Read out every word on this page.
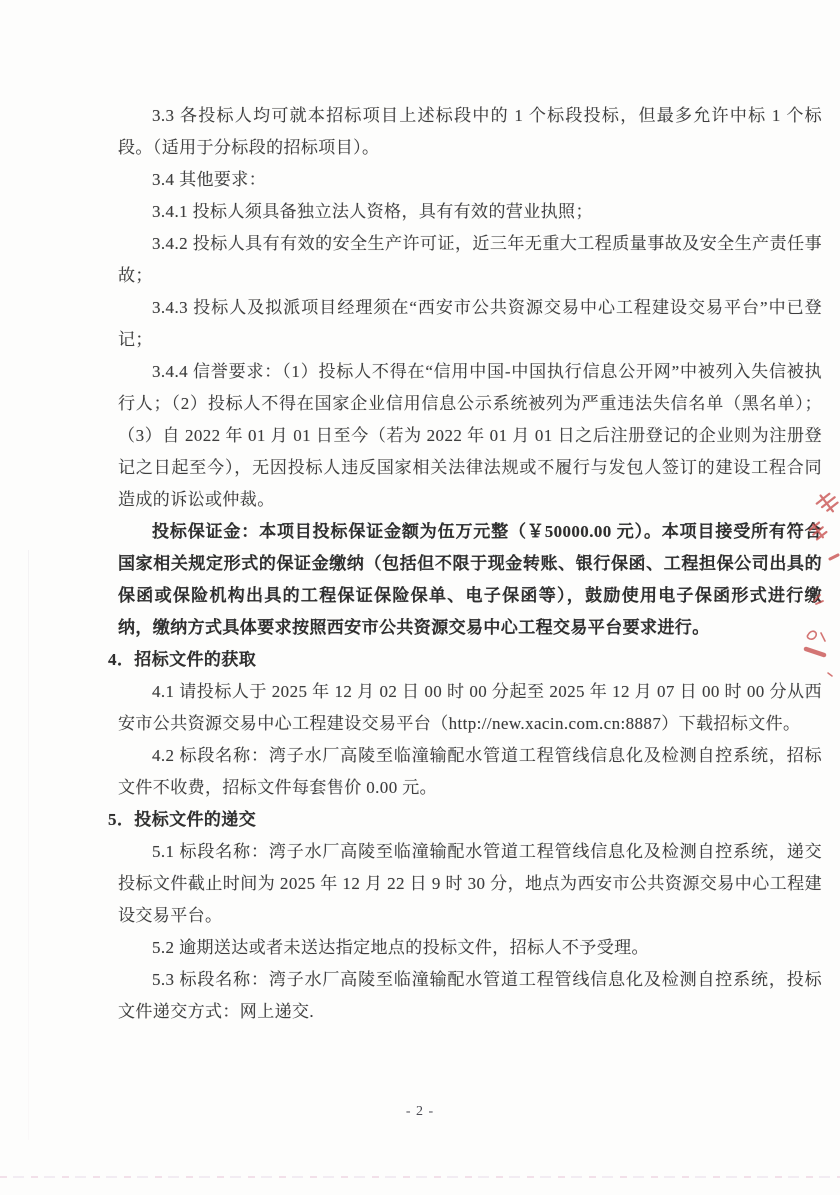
3.3 各投标人均可就本招标项目上述标段中的 1 个标段投标，但最多允许中标 1 个标段。（适用于分标段的招标项目）。

3.4 其他要求：

3.4.1 投标人须具备独立法人资格，具有有效的营业执照；

3.4.2 投标人具有有效的安全生产许可证，近三年无重大工程质量事故及安全生产责任事故；

3.4.3 投标人及拟派项目经理须在“西安市公共资源交易中心工程建设交易平台”中已登记；

3.4.4 信誉要求：（1）投标人不得在“信用中国-中国执行信息公开网”中被列入失信被执行人；（2）投标人不得在国家企业信用信息公示系统被列为严重违法失信名单（黑名单）；（3）自 2022 年 01 月 01 日至今（若为 2022 年 01 月 01 日之后注册登记的企业则为注册登记之日起至今），无因投标人违反国家相关法律法规或不履行与发包人签订的建设工程合同造成的诉讼或仲裁。

投标保证金：本项目投标保证金额为伍万元整（￥50000.00 元）。本项目接受所有符合国家相关规定形式的保证金缴纳（包括但不限于现金转账、银行保函、工程担保公司出具的保函或保险机构出具的工程保证保险保单、电子保函等），鼓励使用电子保函形式进行缴纳，缴纳方式具体要求按照西安市公共资源交易中心工程交易平台要求进行。

4．招标文件的获取

4.1 请投标人于 2025 年 12 月 02 日 00 时 00 分起至 2025 年 12 月 07 日 00 时 00 分从西安市公共资源交易中心工程建设交易平台（http://new.xacin.com.cn:8887）下载招标文件。

4.2 标段名称：湾子水厂高陵至临潼输配水管道工程管线信息化及检测自控系统，招标文件不收费，招标文件每套售价 0.00 元。

5．投标文件的递交

5.1 标段名称：湾子水厂高陵至临潼输配水管道工程管线信息化及检测自控系统，递交投标文件截止时间为 2025 年 12 月 22 日 9 时 30 分，地点为西安市公共资源交易中心工程建设交易平台。

5.2 逾期送达或者未送达指定地点的投标文件，招标人不予受理。

5.3 标段名称：湾子水厂高陵至临潼输配水管道工程管线信息化及检测自控系统，投标文件递交方式：网上递交.

- 2 -
